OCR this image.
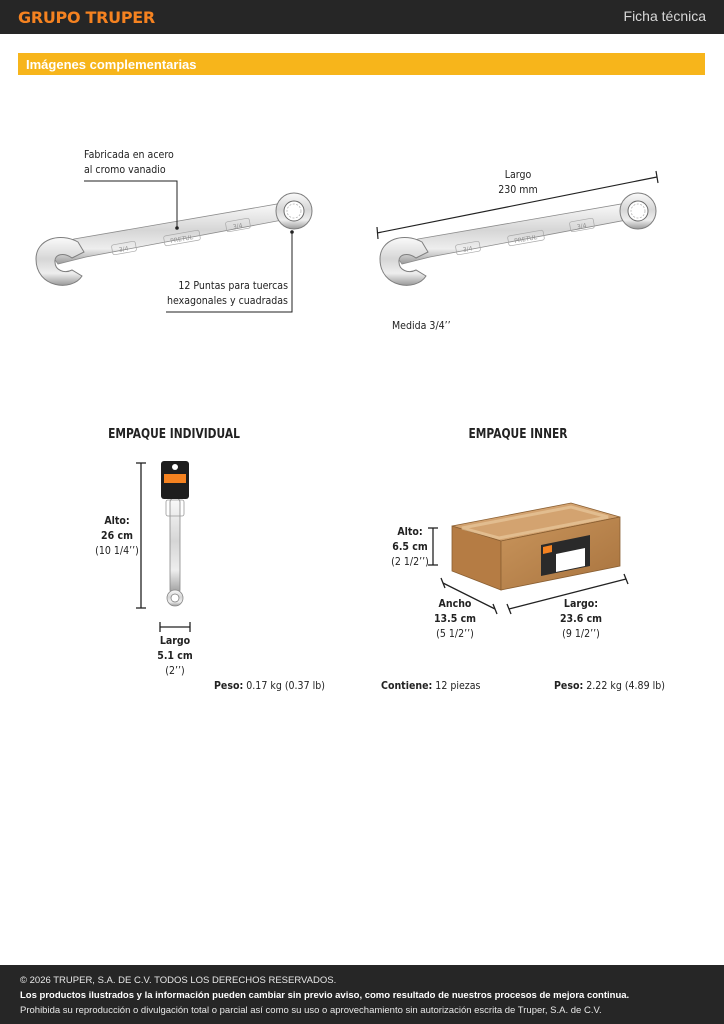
GRUPO TRUPER	Ficha técnica
Imágenes complementarias
3/4
PRETUL
3/4
3/4
PRETUL
3/4
Fabricada en acero
al cromo vanadio
12 Puntas para tuercas
hexagonales y cuadradas
Largo
230 mm
Medida 3/4’’
EMPAQUE INDIVIDUAL
Alto:
26 cm
(10 1/4’’)
Largo
5.1 cm
(2’’)
Peso: 0.17 kg (0.37 lb)
EMPAQUE INNER
Alto:
6.5 cm
(2 1/2’’)
Ancho
13.5 cm
(5 1/2’’)
Largo:
23.6 cm
(9 1/2’’)
Contiene: 12 piezas	Peso: 2.22 kg (4.89 lb)
© 2026 TRUPER, S.A. DE C.V. TODOS LOS DERECHOS RESERVADOS.
Los productos ilustrados y la información pueden cambiar sin previo aviso, como resultado de nuestros procesos de mejora continua.
Prohibida su reproducción o divulgación total o parcial así como su uso o aprovechamiento sin autorización escrita de Truper, S.A. de C.V.
